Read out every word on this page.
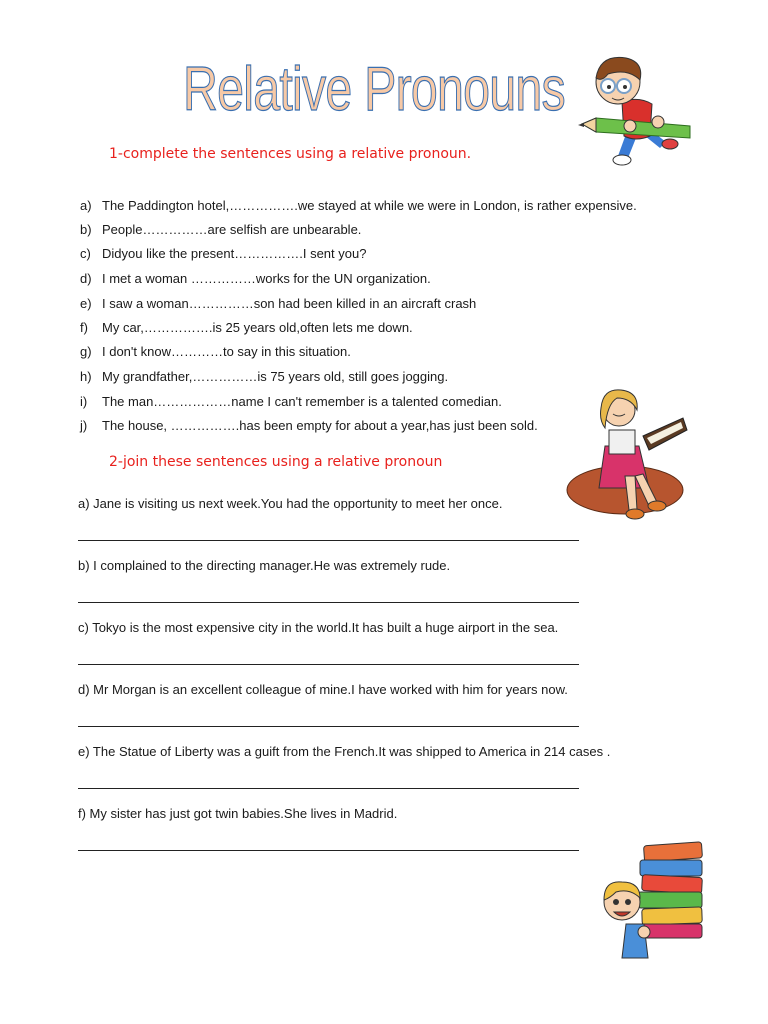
Relative Pronouns
1-complete the sentences using a relative pronoun.
a) The Paddington hotel,…………….we stayed at while we were in London, is rather expensive.
b) People……………are selfish are unbearable.
c) Didyou like the present…………….I sent you?
d) I met a woman ……………works for the UN organization.
e) I saw a woman……………son had been killed in an aircraft crash
f) My car,…………….is 25 years old,often lets me down.
g) I don't know…………to say in this situation.
h) My grandfather,……………is 75 years old, still goes jogging.
i) The man………………name I can't remember is a talented comedian.
j) The house, …………….has been empty for about a year,has just been sold.
2-join these sentences using a relative pronoun
a) Jane is visiting us next week.You had the opportunity to meet her once.
b) I complained to the directing manager.He was extremely rude.
c) Tokyo is the most expensive city in the world.It has built a huge airport in the sea.
d) Mr Morgan is an excellent colleague of mine.I have worked with him for years now.
e) The Statue of Liberty was a guift from the French.It was shipped to America in 214 cases .
f) My sister has just got twin babies.She lives in Madrid.
